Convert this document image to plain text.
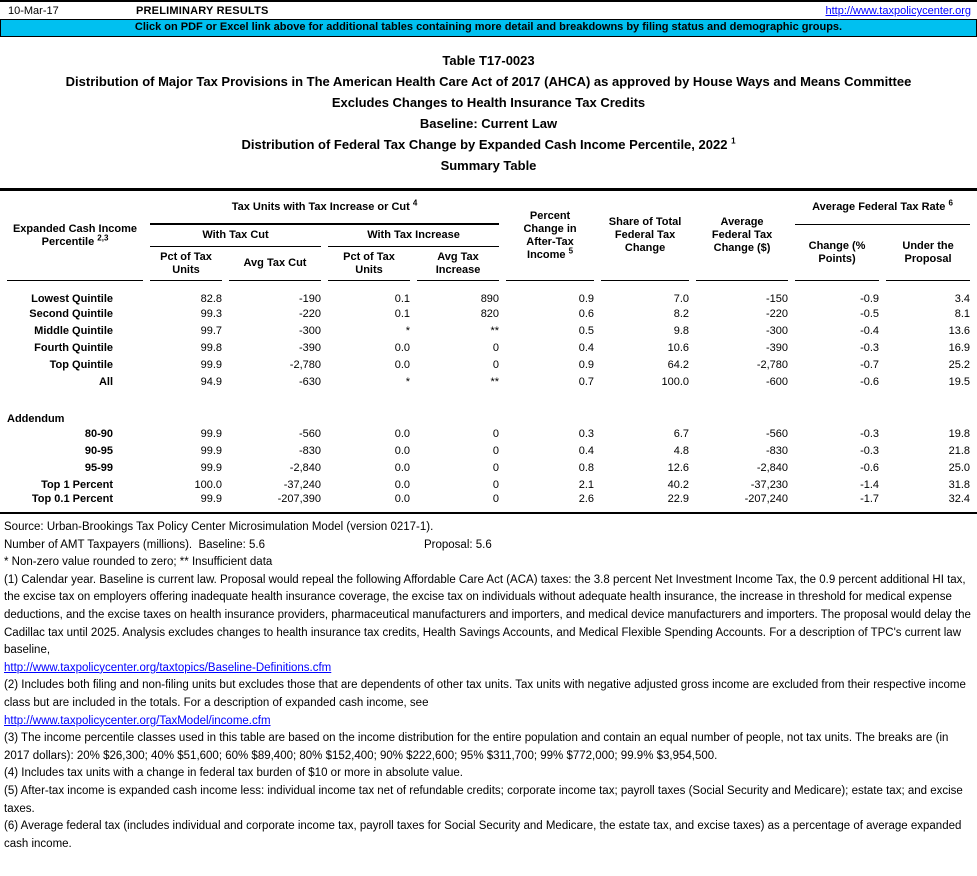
10-Mar-17	PRELIMINARY RESULTS	http://www.taxpolicycenter.org
Click on PDF or Excel link above for additional tables containing more detail and breakdowns by filing status and demographic groups.
Table T17-0023
Distribution of Major Tax Provisions in The American Health Care Act of 2017 (AHCA) as approved by House Ways and Means Committee
Excludes Changes to Health Insurance Tax Credits
Baseline: Current Law
Distribution of Federal Tax Change by Expanded Cash Income Percentile, 2022 $^1$
Summary Table
Expanded Cash Income
Percentile $^{2,3}$	Tax Units with Tax Increase or Cut $^4$				Percent Change in After-Tax Income $^5$	Share of Total Federal Tax Change	Average Federal Tax Change ($)	Average Federal Tax Rate $^6$
	With Tax Cut		With Tax Increase					Change (% Points)	Under the Proposal
	Pct of Tax Units	Avg Tax Cut	Pct of Tax Units	Avg Tax Increase					
Lowest Quintile	82.8	-190	0.1	890	0.9	7.0	-150	-0.9	3.4
Second Quintile	99.3	-220	0.1	820	0.6	8.2	-220	-0.5	8.1
Middle Quintile	99.7	-300	*	**	0.5	9.8	-300	-0.4	13.6
Fourth Quintile	99.8	-390	0.0	0	0.4	10.6	-390	-0.3	16.9
Top Quintile	99.9	-2,780	0.0	0	0.9	64.2	-2,780	-0.7	25.2
All	94.9	-630	*	**	0.7	100.0	-600	-0.6	19.5

Addendum									
80-90	99.9	-560	0.0	0	0.3	6.7	-560	-0.3	19.8
90-95	99.9	-830	0.0	0	0.4	4.8	-830	-0.3	21.8
95-99	99.9	-2,840	0.0	0	0.8	12.6	-2,840	-0.6	25.0
Top 1 Percent	100.0	-37,240	0.0	0	2.1	40.2	-37,230	-1.4	31.8
Top 0.1 Percent	99.9	-207,390	0.0	0	2.6	22.9	-207,240	-1.7	32.4
Source: Urban-Brookings Tax Policy Center Microsimulation Model (version 0217-1).
Number of AMT Taxpayers (millions).  Baseline: 5.6	Proposal: 5.6
* Non-zero value rounded to zero; ** Insufficient data
(1) Calendar year. Baseline is current law. Proposal would repeal the following Affordable Care Act (ACA) taxes: the 3.8 percent Net Investment Income Tax, the 0.9 percent additional HI tax, the excise tax on employers offering inadequate health insurance coverage, the excise tax on individuals without adequate health insurance, the increase in threshold for medical expense deductions, and the excise taxes on health insurance providers, pharmaceutical manufacturers and importers, and medical device manufacturers and importers. The proposal would delay the Cadillac tax until 2025. Analysis excludes changes to health insurance tax credits, Health Savings Accounts, and Medical Flexible Spending Accounts. For a description of TPC's current law baseline,
http://www.taxpolicycenter.org/taxtopics/Baseline-Definitions.cfm
(2) Includes both filing and non-filing units but excludes those that are dependents of other tax units. Tax units with negative adjusted gross income are excluded from their respective income class but are included in the totals. For a description of expanded cash income, see
http://www.taxpolicycenter.org/TaxModel/income.cfm
(3) The income percentile classes used in this table are based on the income distribution for the entire population and contain an equal number of people, not tax units. The breaks are (in 2017 dollars): 20% $26,300; 40% $51,600; 60% $89,400; 80% $152,400; 90% $222,600; 95% $311,700; 99% $772,000; 99.9% $3,954,500.
(4) Includes tax units with a change in federal tax burden of $10 or more in absolute value.
(5) After-tax income is expanded cash income less: individual income tax net of refundable credits; corporate income tax; payroll taxes (Social Security and Medicare); estate tax; and excise taxes.
(6) Average federal tax (includes individual and corporate income tax, payroll taxes for Social Security and Medicare, the estate tax, and excise taxes) as a percentage of average expanded cash income.
